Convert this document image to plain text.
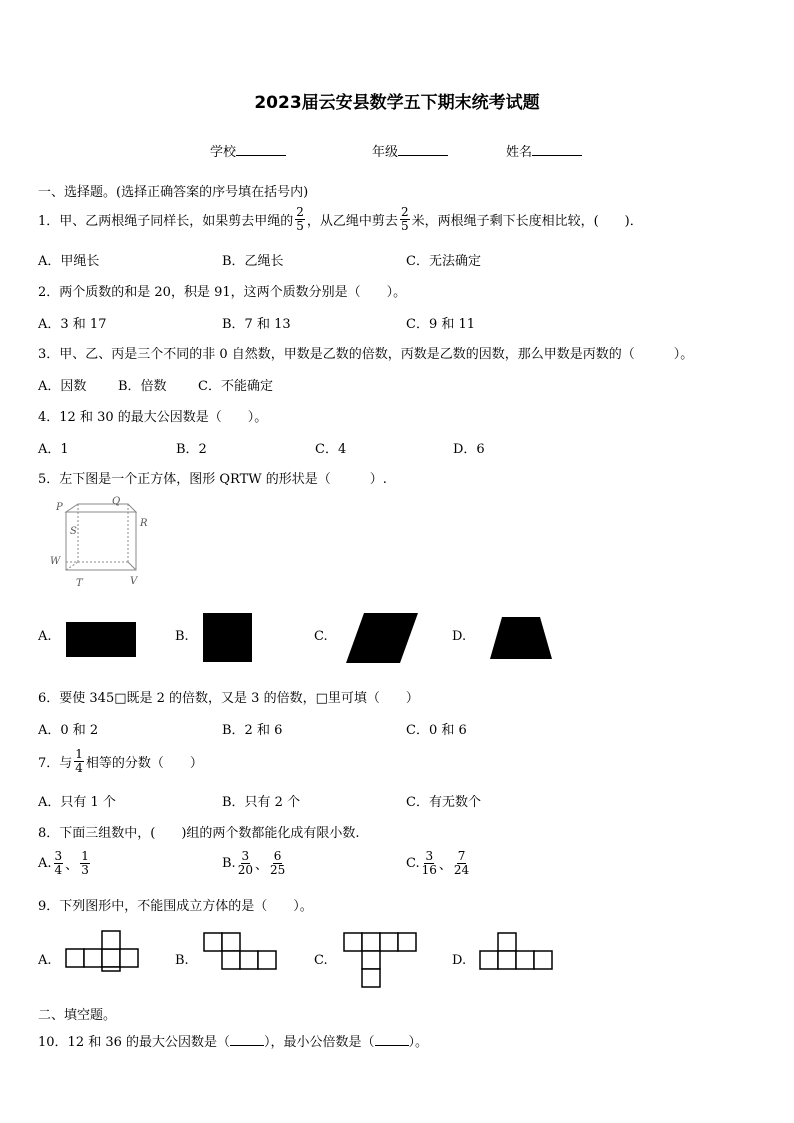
2023届云安县数学五下期末统考试题
学校	年级	姓名
一、选择题。(选择正确答案的序号填在括号内)
1．甲、乙两根绳子同样长，如果剪去甲绳的 $\frac{2}{5}$ ，从乙绳中剪去 $\frac{2}{5}$ 米，两根绳子剩下长度相比较，(　　)．
A．甲绳长	B．乙绳长	C．无法确定
2．两个质数的和是 20，积是 91，这两个质数分别是（　　）。
A．3 和 17	B．7 和 13	C．9 和 11
3．甲、乙、丙是三个不同的非 0 自然数，甲数是乙数的倍数，丙数是乙数的因数，那么甲数是丙数的（　　　）。
A．因数 B．倍数 C．不能确定
4．12 和 30 的最大公因数是（　　）。
A．1	B．2	C．4	D．6
5．左下图是一个正方体，图形 QRTW 的形状是（　　　）.
P
Q
R
S
W
T	V
A.	B.	C.	D.
6．要使 345□既是 2 的倍数，又是 3 的倍数，□里可填（　　）
A．0 和 2	B．2 和 6	C．0 和 6
7．与 $\frac{1}{4}$ 相等的分数（　　）
A．只有 1 个	B．只有 2 个	C．有无数个
8．下面三组数中，(　　)组的两个数都能化成有限小数.
A. $\frac{3}{4}$ 、 $\frac{1}{3}$	B. $\frac{3}{20}$ 、 $\frac{6}{25}$	C. $\frac{3}{16}$ 、 $\frac{7}{24}$
9．下列图形中，不能围成立方体的是（　　）。
A.	B.	C.	D.
二、填空题。
10．12 和 36 的最大公因数是（	），最小公倍数是（	）。
